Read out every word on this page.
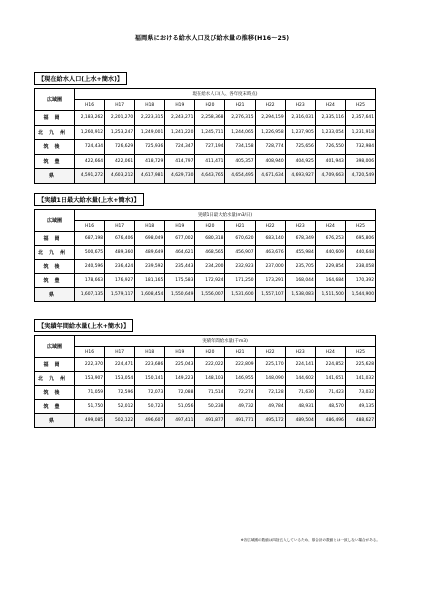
福岡県における給水人口及び給水量の推移(H16〜25)
【現在給水人口(上水+簡水)】
広域圏	現在給水人口(人、各年度末時点)									
	H16	H17	H18	H19	H20	H21	H22	H23	H24	H25
福岡	2,183,262	2,201,270	2,223,315	2,243,271	2,258,368	2,276,315	2,294,159	2,316,031	2,335,116	2,357,641
北九州	1,260,912	1,253,247	1,249,001	1,241,220	1,245,711	1,244,065	1,226,958	1,237,905	1,233,054	1,231,918
筑後	724,434	726,629	725,936	724,347	727,194	734,158	728,774	725,656	726,550	732,984
筑豊	422,664	422,061	418,729	414,797	411,471	405,357	408,940	404,925	401,943	398,006
県	4,591,272	4,603,212	4,617,981	4,629,730	4,643,765	4,654,495	4,671,634	4,693,927	4,709,663	4,720,549
【実績1日最大給水量(上水+簡水)】
広域圏	実績1日最大給水量(m3/日)									
	H16	H17	H18	H19	H20	H21	H22	H23	H24	H25
福岡	687,198	676,406	698,049	677,002	680,318	670,620	683,140	678,349	676,253	695,806
北九州	500,675	489,360	489,649	464,621	468,565	456,907	463,676	455,984	440,609	440,648
筑後	240,596	236,424	239,592	235,443	234,200	232,923	237,000	235,705	229,854	238,058
筑豊	178,663	176,927	181,165	175,583	172,924	171,250	173,291	168,044	164,684	170,392
県	1,607,135	1,579,117	1,608,454	1,550,649	1,556,007	1,531,600	1,557,107	1,538,083	1,511,500	1,544,900
【実績年間給水量(上水+簡水)】
広域圏	実績年間給水量(千m3)									
	H16	H17	H18	H19	H20	H21	H22	H23	H24	H25
福岡	222,370	224,471	223,686	225,043	222,022	222,809	225,170	224,141	224,852	225,628
北九州	153,907	153,054	150,141	149,223	148,103	146,955	148,090	144,602	141,651	141,032
筑後	71,059	72,596	72,073	72,088	71,514	72,274	72,128	71,630	71,423	73,032
筑豊	51,750	52,012	50,723	51,056	50,238	49,732	49,784	48,931	48,570	49,135
県	499,085	502,122	496,607	497,411	491,877	491,771	495,172	489,504	486,496	488,627
※各広域圏の数値は四捨五入しているため、県合計の数値とは一致しない場合がある。
